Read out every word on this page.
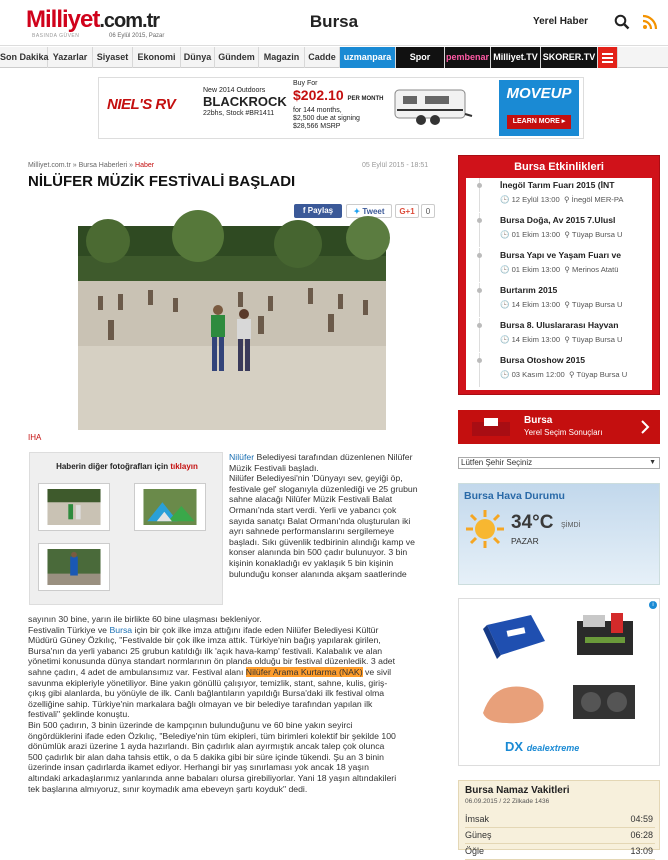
Milliyet.com.tr
BASINDA GÜVEN	06 Eylül 2015, Pazar
Bursa	Yerel Haber
Son Dakika Yazarlar	Siyaset	Ekonomi Dünya Gündem Magazin Cadde uzmanpara	Spor	pembenar Milliyet.TV SKORER.TV
NIEL'S RV
New 2014 Outdoors
BLACKROCK
22bhs, Stock #BR1411
Buy For
$202.10 PER MONTH
for 144 months,
$2,500 due at signing
$28,566 MSRP
MOVEUP
LEARN MORE ▸
Milliyet.com.tr » Bursa Haberleri » Haber	05 Eylül 2015 - 18:51
NİLÜFER MÜZİK FESTİVALİ BAŞLADI
f Paylaş	✦ Tweet	G+1	0
IHA
Haberin diğer fotoğrafları için tıklayın
Nilüfer Belediyesi tarafından düzenlenen Nilüfer
Müzik Festivali başladı.
Nilüfer Belediyesi'nin 'Dünyayı sev, geyiği öp,
festivale gel' sloganıyla düzenlediği ve 25 grubun
sahne alacağı Nilüfer Müzik Festivali Balat
Ormanı'nda start verdi. Yerli ve yabancı çok
sayıda sanatçı Balat Ormanı'nda oluşturulan iki
ayrı sahnede performanslarını sergilemeye
başladı. Sıkı güvenlik tedbirinin alındığı kamp ve
konser alanında bin 500 çadır bulunuyor. 3 bin
kişinin konakladığı ev yaklaşık 5 bin kişinin
bulunduğu konser alanında akşam saatlerinde
sayının 30 bine, yarın ile birlikte 60 bine ulaşması bekleniyor.
Festivalin Türkiye ve Bursa için bir çok ilke imza attığını ifade eden Nilüfer Belediyesi Kültür
Müdürü Güney Özkılıç, "Festivalde bir çok ilke imza attık. Türkiye'nin bağış yapılarak girilen,
Bursa'nın da yerli yabancı 25 grubun katıldığı ilk 'açık hava-kamp' festivali. Kalabalık ve alan
yönetimi konusunda dünya standart normlarının ön planda olduğu bir festival düzenledik. 3 adet
sahne çadırı, 4 adet de ambulansımız var. Festival alanı Nilüfer Arama Kurtarma (NAK) ve sivil
savunma ekipleriyle yönetiliyor. Bine yakın gönüllü çalışıyor, temizlik, stant, sahne, kulis, giriş-
çıkış gibi alanlarda, bu yönüyle de ilk. Canlı bağlantıların yapıldığı Bursa'daki ilk festival olma
özelliğine sahip. Türkiye'nin markalara bağlı olmayan ve bir belediye tarafından yapılan ilk
festivali" şeklinde konuştu.
Bin 500 çadırın, 3 binin üzerinde de kampçının bulunduğunu ve 60 bine yakın seyirci
öngördüklerini ifade eden Özkılıç, "Belediye'nin tüm ekipleri, tüm birimleri kolektif bir şekilde 100
dönümlük arazi üzerine 1 ayda hazırlandı. Bin çadırlık alan ayırmıştık ancak talep çok olunca
500 çadırlık bir alan daha tahsis ettik, o da 5 dakika gibi bir süre içinde tükendi. Şu an 3 binin
üzerinde insan çadırlarda ikamet ediyor. Herhangi bir yaş sınırlaması yok ancak 18 yaşın
altındaki arkadaşlarımız yanlarında anne babaları olursa girebiliyorlar. Yani 18 yaşın altındakileri
tek başlarına almıyoruz, sınır koymadık ama ebeveyn şartı koyduk" dedi.
Bursa Etkinlikleri
İnegöl Tarım Fuarı 2015 (İNT
🕒 12 Eylül 13:00  ⚲ İnegöl MER-PA
Bursa Doğa, Av 2015 7.Ulusl
🕒 01 Ekim 13:00  ⚲ Tüyap Bursa U
Bursa Yapı ve Yaşam Fuarı ve
🕒 01 Ekim 13:00  ⚲ Merinos Atatü
Burtarım 2015
🕒 14 Ekim 13:00  ⚲ Tüyap Bursa U
Bursa 8. Uluslararası Hayvan
🕒 14 Ekim 13:00  ⚲ Tüyap Bursa U
Bursa Otoshow 2015
🕒 03 Kasım 12:00  ⚲ Tüyap Bursa U
Bursa
Yerel Seçim Sonuçları
Lütfen Şehir Seçiniz	▼
Bursa Hava Durumu
34°C ŞİMDİ
PAZAR
i
DX dealextreme
Bursa Namaz Vakitleri
06.09.2015 / 22 Zilkade 1436
İmsak	04:59
Güneş	06:28
Öğle	13:09
